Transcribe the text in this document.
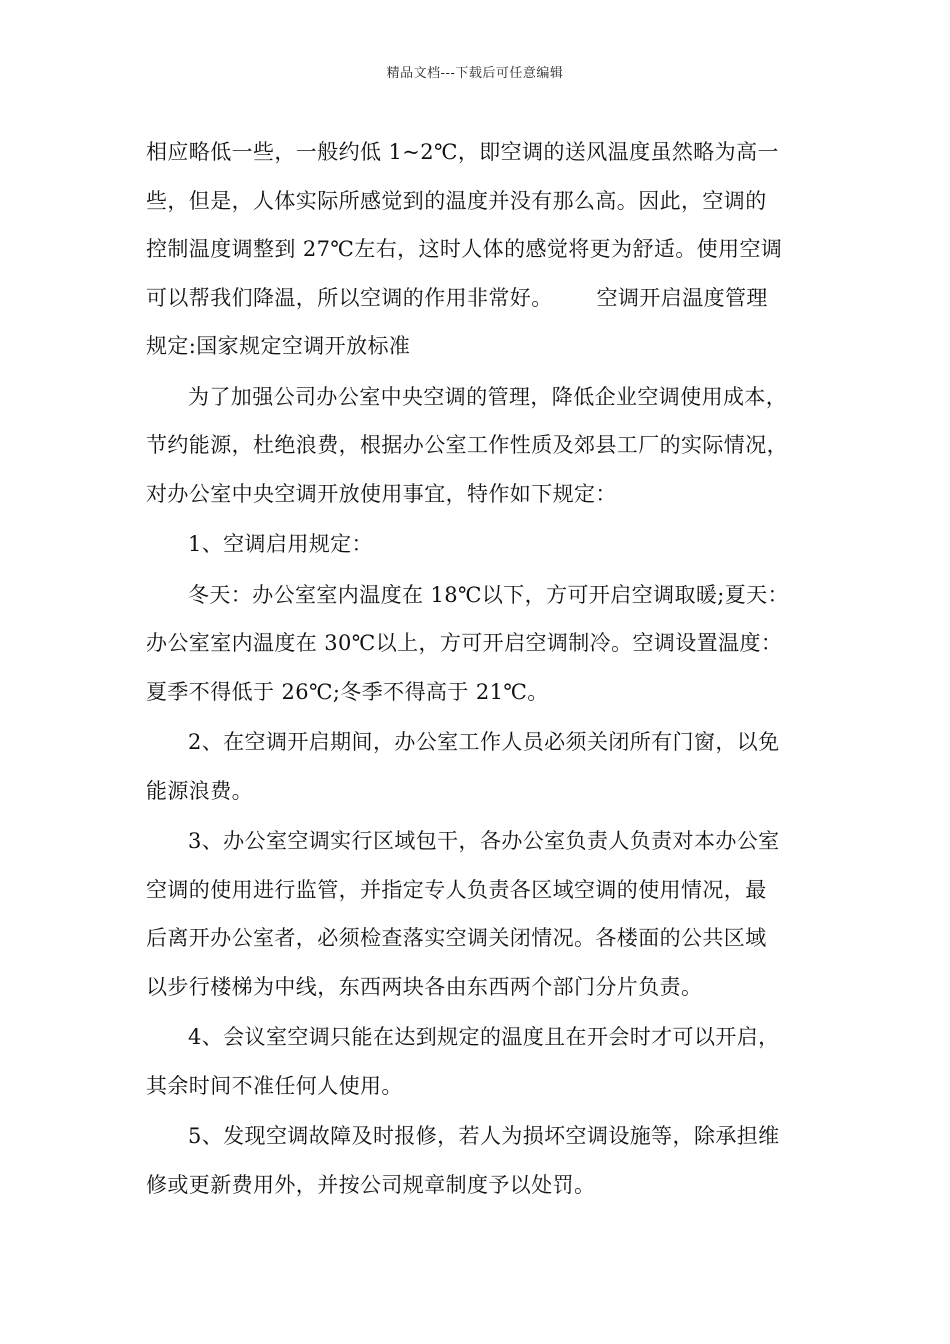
精品文档---下载后可任意编辑

相应略低一些，一般约低 1~2℃，即空调的送风温度虽然略为高一

些，但是，人体实际所感觉到的温度并没有那么高。因此，空调的

控制温度调整到 27℃左右，这时人体的感觉将更为舒适。使用空调

可以帮我们降温，所以空调的作用非常好。 空调开启温度管理

规定:国家规定空调开放标准

为了加强公司办公室中央空调的管理，降低企业空调使用成本，

节约能源，杜绝浪费，根据办公室工作性质及郊县工厂的实际情况，

对办公室中央空调开放使用事宜，特作如下规定：

1、空调启用规定：

冬天：办公室室内温度在 18℃以下，方可开启空调取暖;夏天：

办公室室内温度在 30℃以上，方可开启空调制冷。空调设置温度：

夏季不得低于 26℃;冬季不得高于 21℃。

2、在空调开启期间，办公室工作人员必须关闭所有门窗，以免

能源浪费。

3、办公室空调实行区域包干，各办公室负责人负责对本办公室

空调的使用进行监管，并指定专人负责各区域空调的使用情况，最

后离开办公室者，必须检查落实空调关闭情况。各楼面的公共区域

以步行楼梯为中线，东西两块各由东西两个部门分片负责。

4、会议室空调只能在达到规定的温度且在开会时才可以开启，

其余时间不准任何人使用。

5、发现空调故障及时报修，若人为损坏空调设施等，除承担维

修或更新费用外，并按公司规章制度予以处罚。
